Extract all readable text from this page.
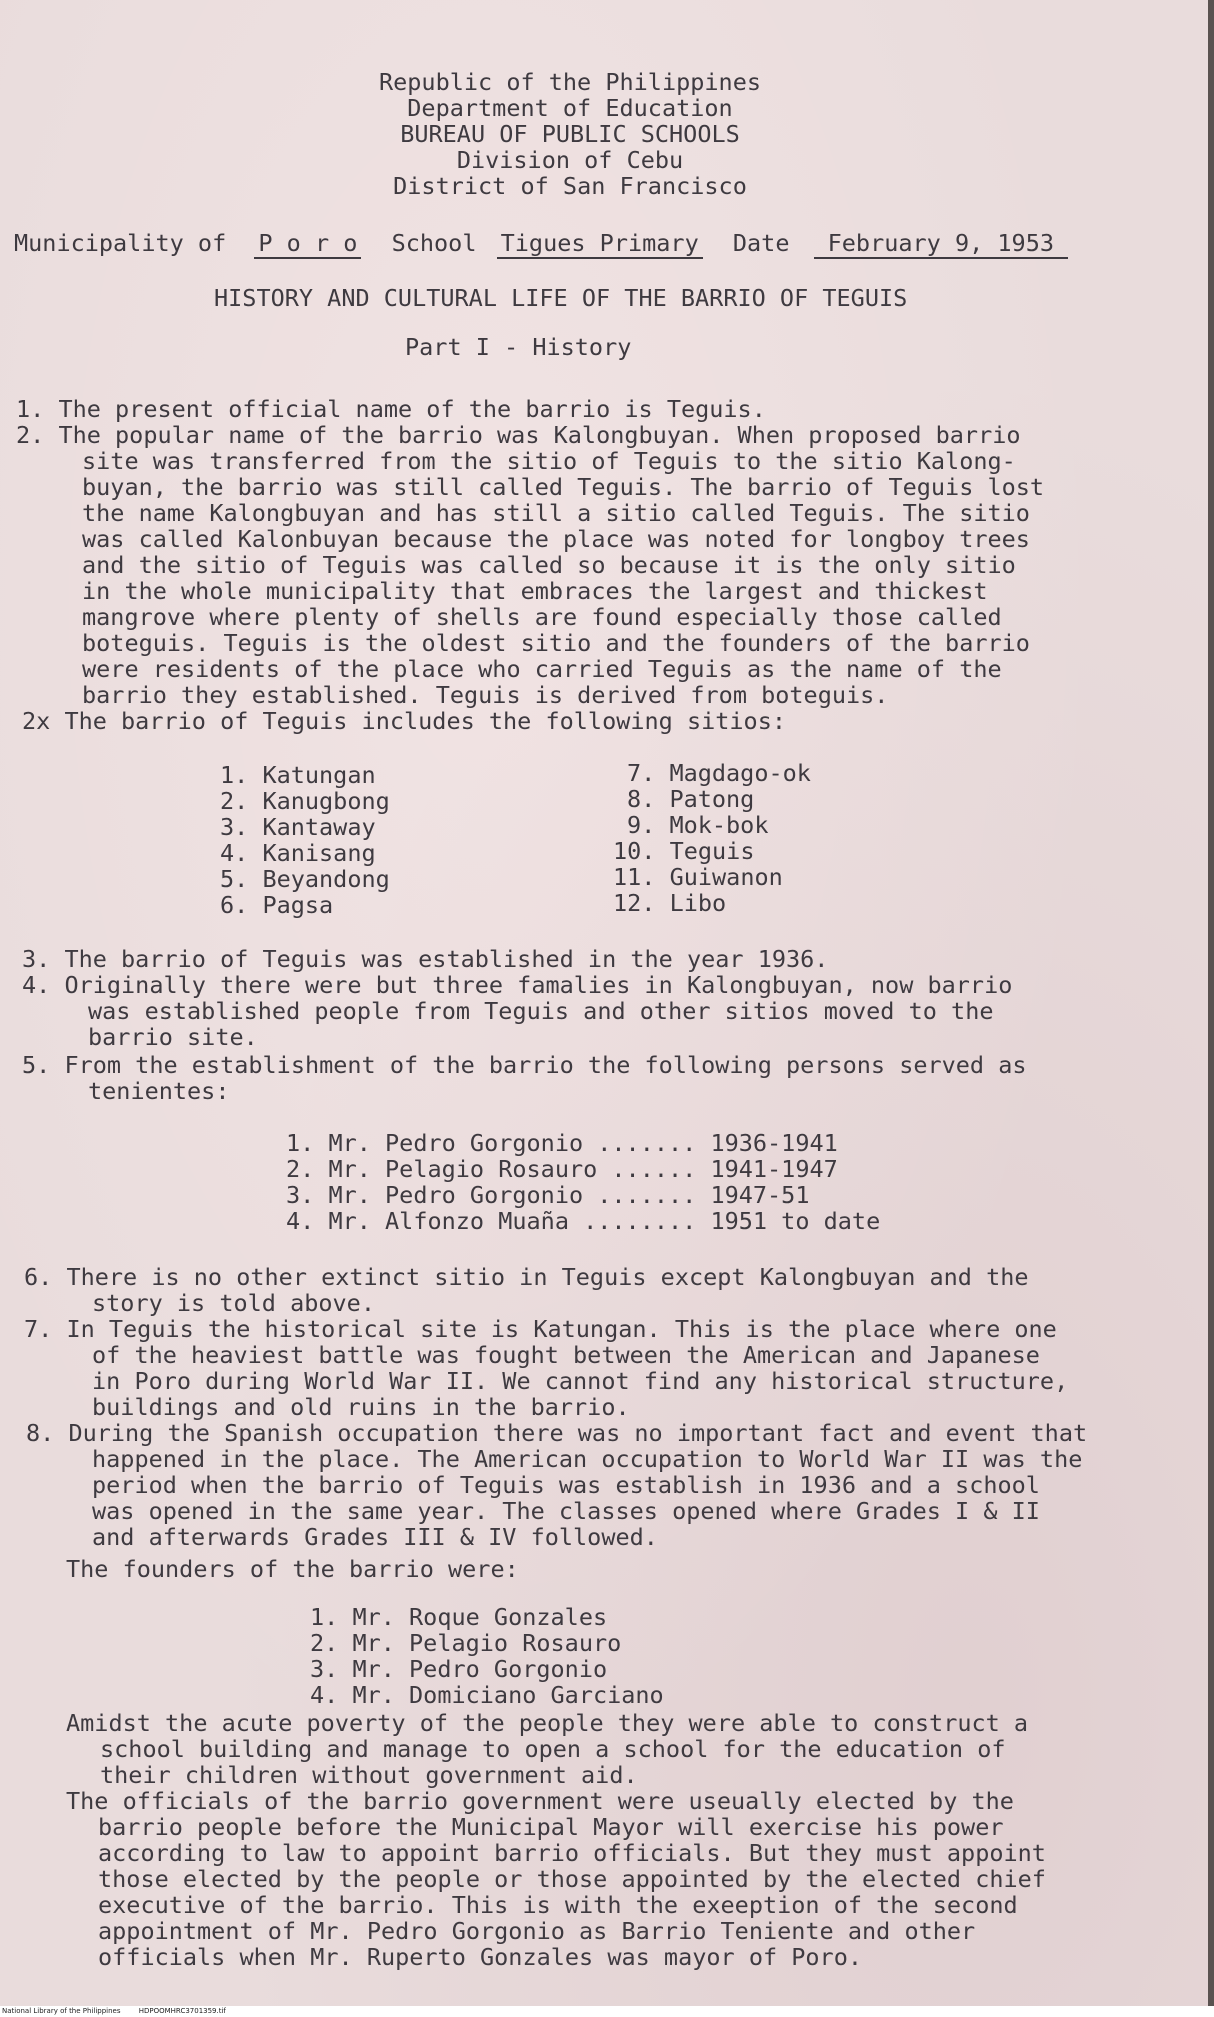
Republic of the Philippines
Department of Education
BUREAU OF PUBLIC SCHOOLS
Division of Cebu
District of San Francisco
Municipality of P o r o School Tigues Primary Date February 9, 1953
HISTORY AND CULTURAL LIFE OF THE BARRIO OF TEGUIS
Part I - History
1. The present official name of the barrio is Teguis.
2. The popular name of the barrio was Kalongbuyan. When proposed barrio
site was transferred from the sitio of Teguis to the sitio Kalong-
buyan, the barrio was still called Teguis. The barrio of Teguis lost
the name Kalongbuyan and has still a sitio called Teguis. The sitio
was called Kalonbuyan because the place was noted for longboy trees
and the sitio of Teguis was called so because it is the only sitio
in the whole municipality that embraces the largest and thickest
mangrove where plenty of shells are found especially those called
boteguis. Teguis is the oldest sitio and the founders of the barrio
were residents of the place who carried Teguis as the name of the
barrio they established. Teguis is derived from boteguis.
2x The barrio of Teguis includes the following sitios:
1. Katungan
2. Kanugbong
3. Kantaway
4. Kanisang
5. Beyandong
6. Pagsa
7. Magdago-ok
8. Patong
9. Mok-bok
10. Teguis
11. Guiwanon
12. Libo
3. The barrio of Teguis was established in the year 1936.
4. Originally there were but three famalies in Kalongbuyan, now barrio
was established people from Teguis and other sitios moved to the
barrio site.
5. From the establishment of the barrio the following persons served as
tenientes:
1. Mr. Pedro Gorgonio ....... 1936-1941
2. Mr. Pelagio Rosauro ...... 1941-1947
3. Mr. Pedro Gorgonio ....... 1947-51
4. Mr. Alfonzo Muaña ........ 1951 to date
6. There is no other extinct sitio in Teguis except Kalongbuyan and the
story is told above.
7. In Teguis the historical site is Katungan. This is the place where one
of the heaviest battle was fought between the American and Japanese
in Poro during World War II. We cannot find any historical structure,
buildings and old ruins in the barrio.
8. During the Spanish occupation there was no important fact and event that
happened in the place. The American occupation to World War II was the
period when the barrio of Teguis was establish in 1936 and a school
was opened in the same year. The classes opened where Grades I & II
and afterwards Grades III & IV followed.
The founders of the barrio were:
1. Mr. Roque Gonzales
2. Mr. Pelagio Rosauro
3. Mr. Pedro Gorgonio
4. Mr. Domiciano Garciano
Amidst the acute poverty of the people they were able to construct a
school building and manage to open a school for the education of
their children without government aid.
The officials of the barrio government were useually elected by the
barrio people before the Municipal Mayor will exercise his power
according to law to appoint barrio officials. But they must appoint
those elected by the people or those appointed by the elected chief
executive of the barrio. This is with the exeeption of the second
appointment of Mr. Pedro Gorgonio as Barrio Teniente and other
officials when Mr. Ruperto Gonzales was mayor of Poro.
National Library of the Philippines	HDPOOMHRC3701359.tif
